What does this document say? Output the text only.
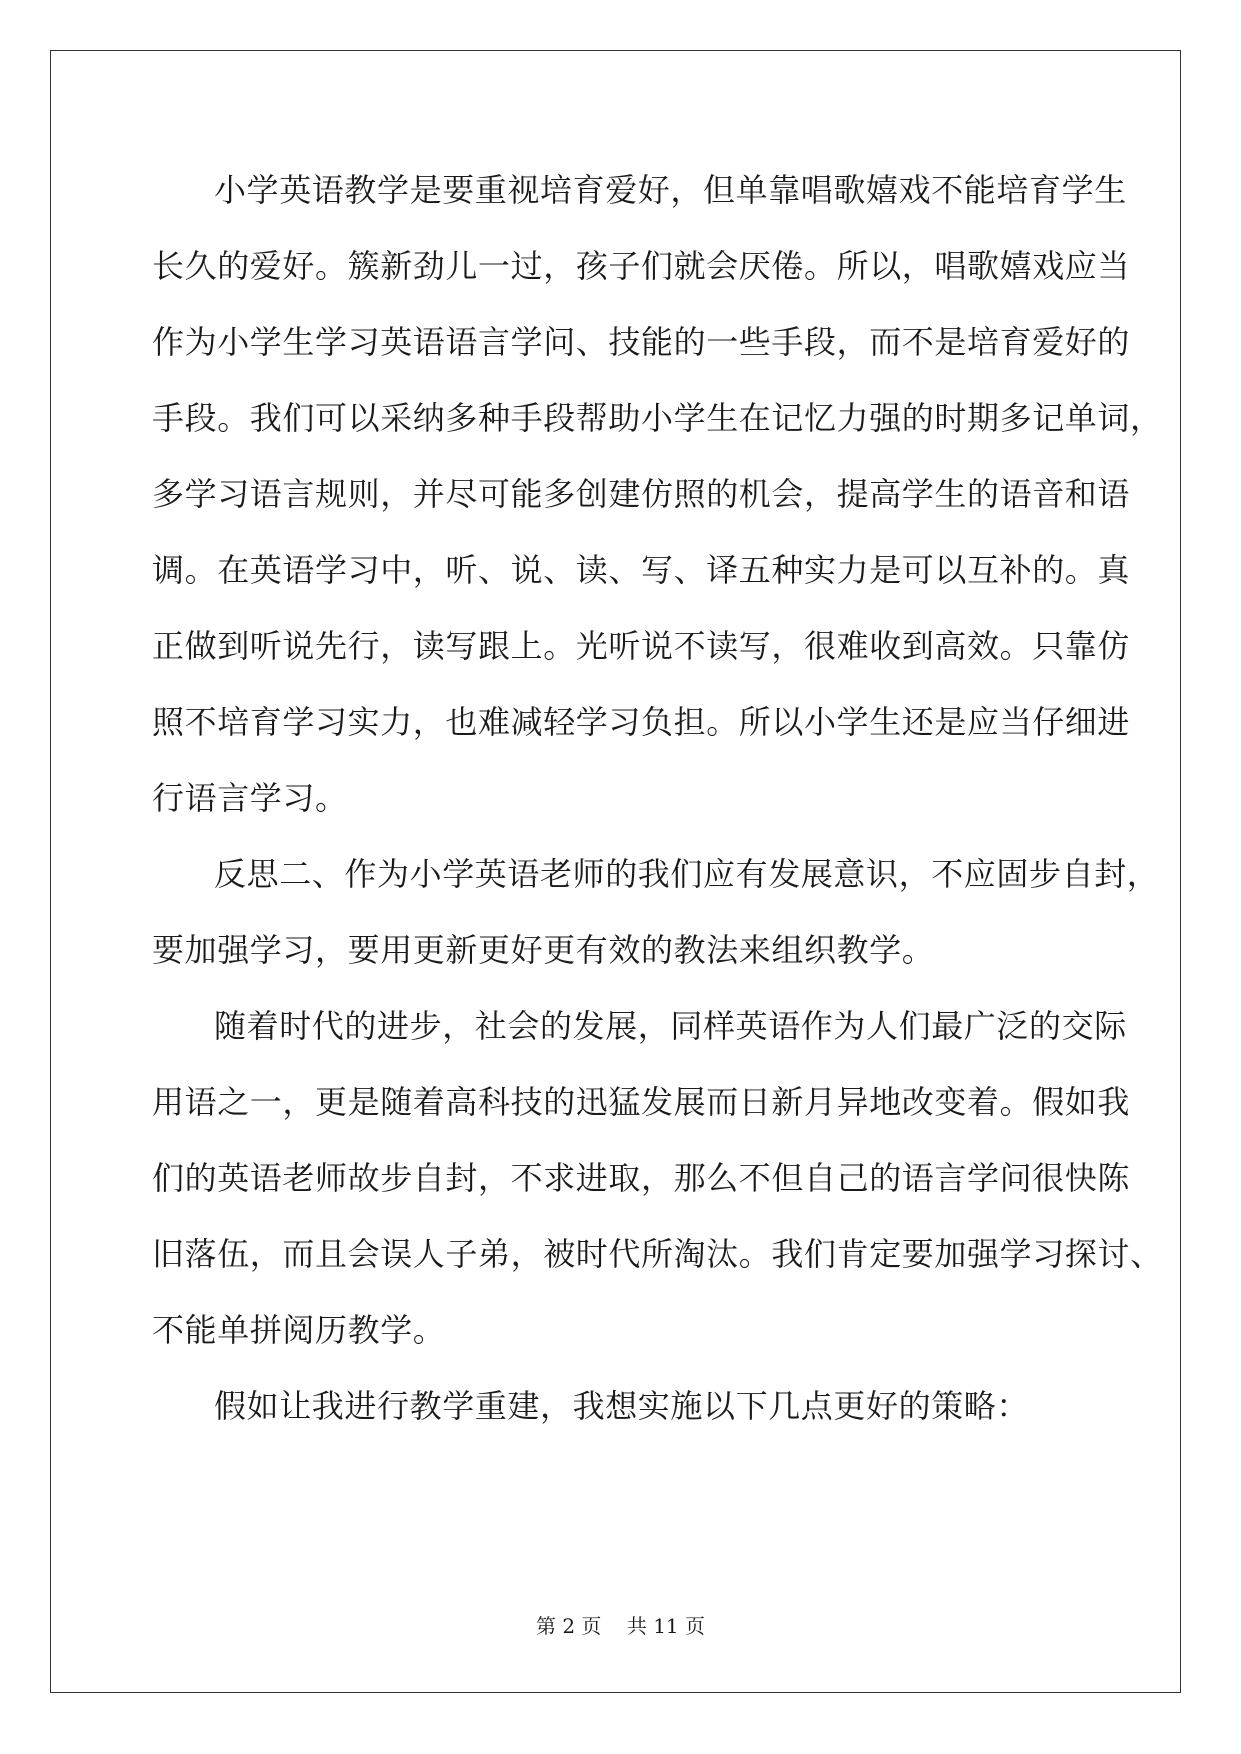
小学英语教学是要重视培育爱好，但单靠唱歌嬉戏不能培育学生
长久的爱好。簇新劲儿一过，孩子们就会厌倦。所以，唱歌嬉戏应当
作为小学生学习英语语言学问、技能的一些手段，而不是培育爱好的
手段。我们可以采纳多种手段帮助小学生在记忆力强的时期多记单词，
多学习语言规则，并尽可能多创建仿照的机会，提高学生的语音和语
调。在英语学习中，听、说、读、写、译五种实力是可以互补的。真
正做到听说先行，读写跟上。光听说不读写，很难收到高效。只靠仿
照不培育学习实力，也难减轻学习负担。所以小学生还是应当仔细进
行语言学习。
反思二、作为小学英语老师的我们应有发展意识，不应固步自封，
要加强学习，要用更新更好更有效的教法来组织教学。
随着时代的进步，社会的发展，同样英语作为人们最广泛的交际
用语之一，更是随着高科技的迅猛发展而日新月异地改变着。假如我
们的英语老师故步自封，不求进取，那么不但自己的语言学问很快陈
旧落伍，而且会误人子弟，被时代所淘汰。我们肯定要加强学习探讨、
不能单拼阅历教学。
假如让我进行教学重建，我想实施以下几点更好的策略：
第 2 页    共 11 页
